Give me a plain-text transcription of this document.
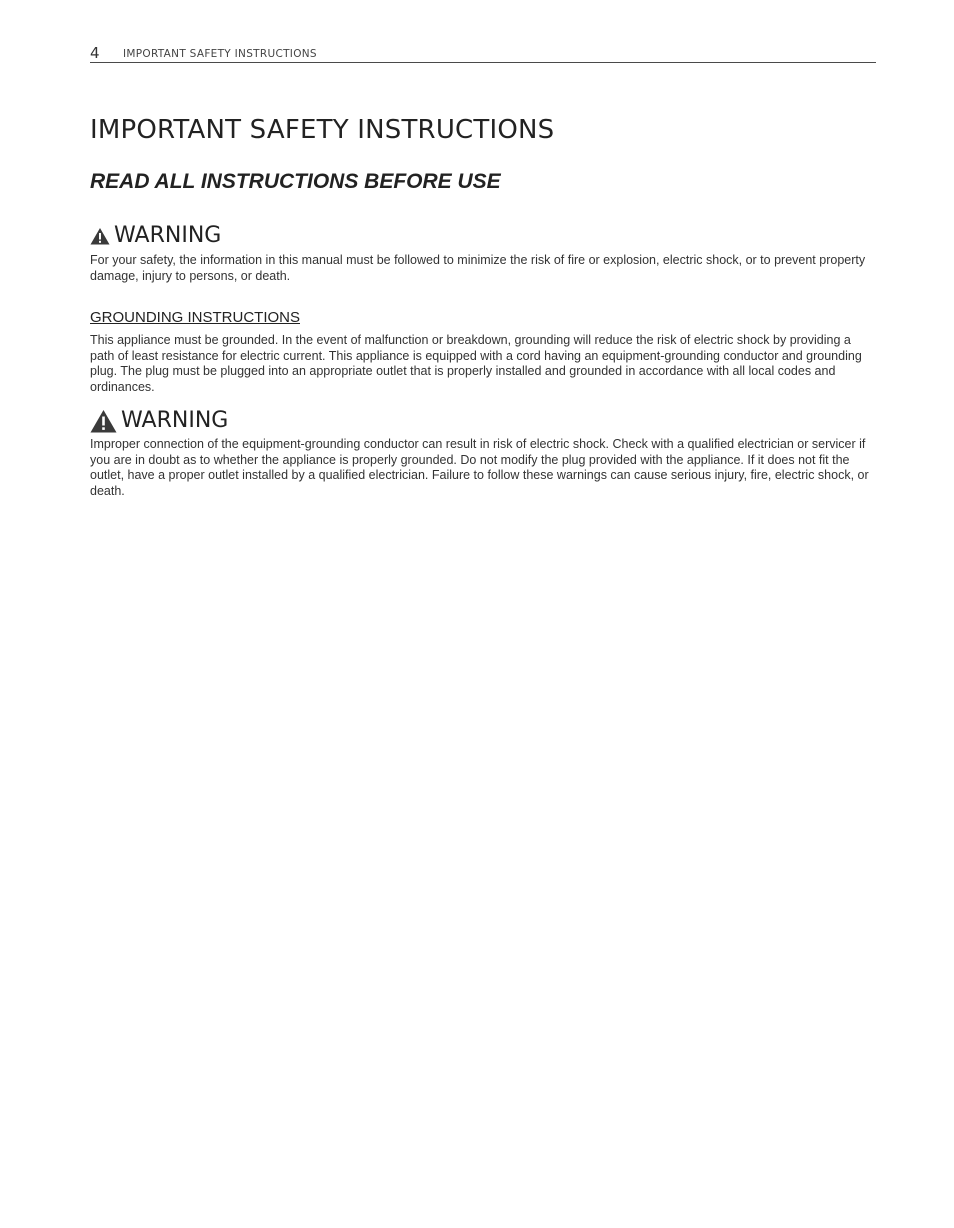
4 IMPORTANT SAFETY INSTRUCTIONS
IMPORTANT SAFETY INSTRUCTIONS
READ ALL INSTRUCTIONS BEFORE USE
WARNING

For your safety, the information in this manual must be followed to minimize the risk of fire or explosion, electric shock, or to prevent property damage, injury to persons, or death.

GROUNDING INSTRUCTIONS

This appliance must be grounded. In the event of malfunction or breakdown, grounding will reduce the risk of electric shock by providing a path of least resistance for electric current. This appliance is equipped with a cord having an equipment-grounding conductor and grounding plug. The plug must be plugged into an appropriate outlet that is properly installed and grounded in accordance with all local codes and ordinances.

WARNING

Improper connection of the equipment-grounding conductor can result in risk of electric shock. Check with a qualified electrician or servicer if you are in doubt as to whether the appliance is properly grounded. Do not modify the plug provided with the appliance. If it does not fit the outlet, have a proper outlet installed by a qualified electrician. Failure to follow these warnings can cause serious injury, fire, electric shock, or death.
